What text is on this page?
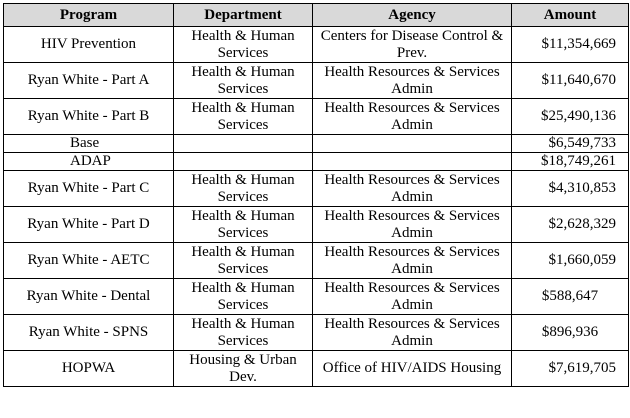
Program	Department	Agency	Amount
HIV Prevention	Health & Human Services	Centers for Disease Control & Prev.	$11,354,669
Ryan White - Part A	Health & Human Services	Health Resources & Services Admin	$11,640,670
Ryan White - Part B	Health & Human Services	Health Resources & Services Admin	$25,490,136
Base			$6,549,733
ADAP			$18,749,261
Ryan White - Part C	Health & Human Services	Health Resources & Services Admin	$4,310,853
Ryan White - Part D	Health & Human Services	Health Resources & Services Admin	$2,628,329
Ryan White - AETC	Health & Human Services	Health Resources & Services Admin	$1,660,059
Ryan White - Dental	Health & Human Services	Health Resources & Services Admin	$588,647
Ryan White - SPNS	Health & Human Services	Health Resources & Services Admin	$896,936
HOPWA	Housing & Urban Dev.	Office of HIV/AIDS Housing	$7,619,705
